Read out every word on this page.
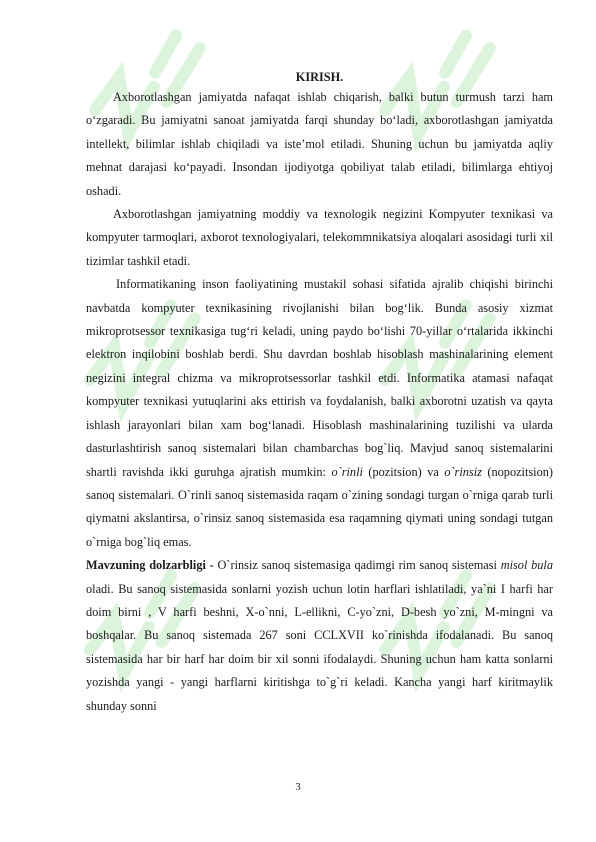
KIRISH.

Axborotlashgan jamiyatda nafaqat ishlab chiqarish, balki butun turmush tarzi ham o‘zgaradi. Bu jamiyatni sanoat jamiyatda farqi shunday bo‘ladi, axborotlashgan jamiyatda intellekt, bilimlar ishlab chiqiladi va iste’mol etiladi. Shuning uchun bu jamiyatda aqliy mehnat darajasi ko‘payadi. Insondan ijodiyotga qobiliyat talab etiladi, bilimlarga ehtiyoj oshadi.

Axborotlashgan jamiyatning moddiy va texnologik negizini Kompyuter texnikasi va kompyuter tarmoqlari, axborot texnologiyalari, telekommnikatsiya aloqalari asosidagi turli xil tizimlar tashkil etadi.

Informatikaning inson faoliyatining mustakil sohasi sifatida ajralib chiqishi birinchi navbatda kompyuter texnikasining rivojlanishi bilan bog‘lik. Bunda asosiy xizmat mikroprotsessor texnikasiga tug‘ri keladi, uning paydo bo‘lishi 70-yillar o‘rtalarida ikkinchi elektron inqilobini boshlab berdi. Shu davrdan boshlab hisoblash mashinalarining element negizini integral chizma va mikroprotsessorlar tashkil etdi. Informatika atamasi nafaqat kompyuter texnikasi yutuqlarini aks ettirish va foydalanish, balki axborotni uzatish va qayta ishlash jarayonlari bilan xam bog‘lanadi. Hisoblash mashinalarining tuzilishi va ularda dasturlashtirish sanoq sistemalari bilan chambarchas bog`liq. Mavjud sanoq sistemalarini shartli ravishda ikki guruhga ajratish mumkin: o`rinli (pozitsion) va o`rinsiz (nopozitsion) sanoq sistemalari. O`rinli sanoq sistemasida raqam o`zining sondagi turgan o`rniga qarab turli qiymatni akslantirsa, o`rinsiz sanoq sistemasida esa raqamning qiymati uning sondagi tutgan o`rniga bog`liq emas.

Mavzuning dolzarbligi - O`rinsiz sanoq sistemasiga qadimgi rim sanoq sistemasi misol bula oladi. Bu sanoq sistemasida sonlarni yozish uchun lotin harflari ishlatiladi, ya`ni I harfi har doim birni , V harfi beshni, X-o`nni, L-ellikni, C-yo`zni, D-besh yo`zni, M-mingni va boshqalar. Bu sanoq sistemada 267 soni CCLXVII ko`rinishda ifodalanadi. Bu sanoq sistemasida har bir harf har doim bir xil sonni ifodalaydi. Shuning uchun ham katta sonlarni yozishda yangi - yangi harflarni kiritishga to`g`ri keladi. Kancha yangi harf kiritmaylik shunday sonni

3
